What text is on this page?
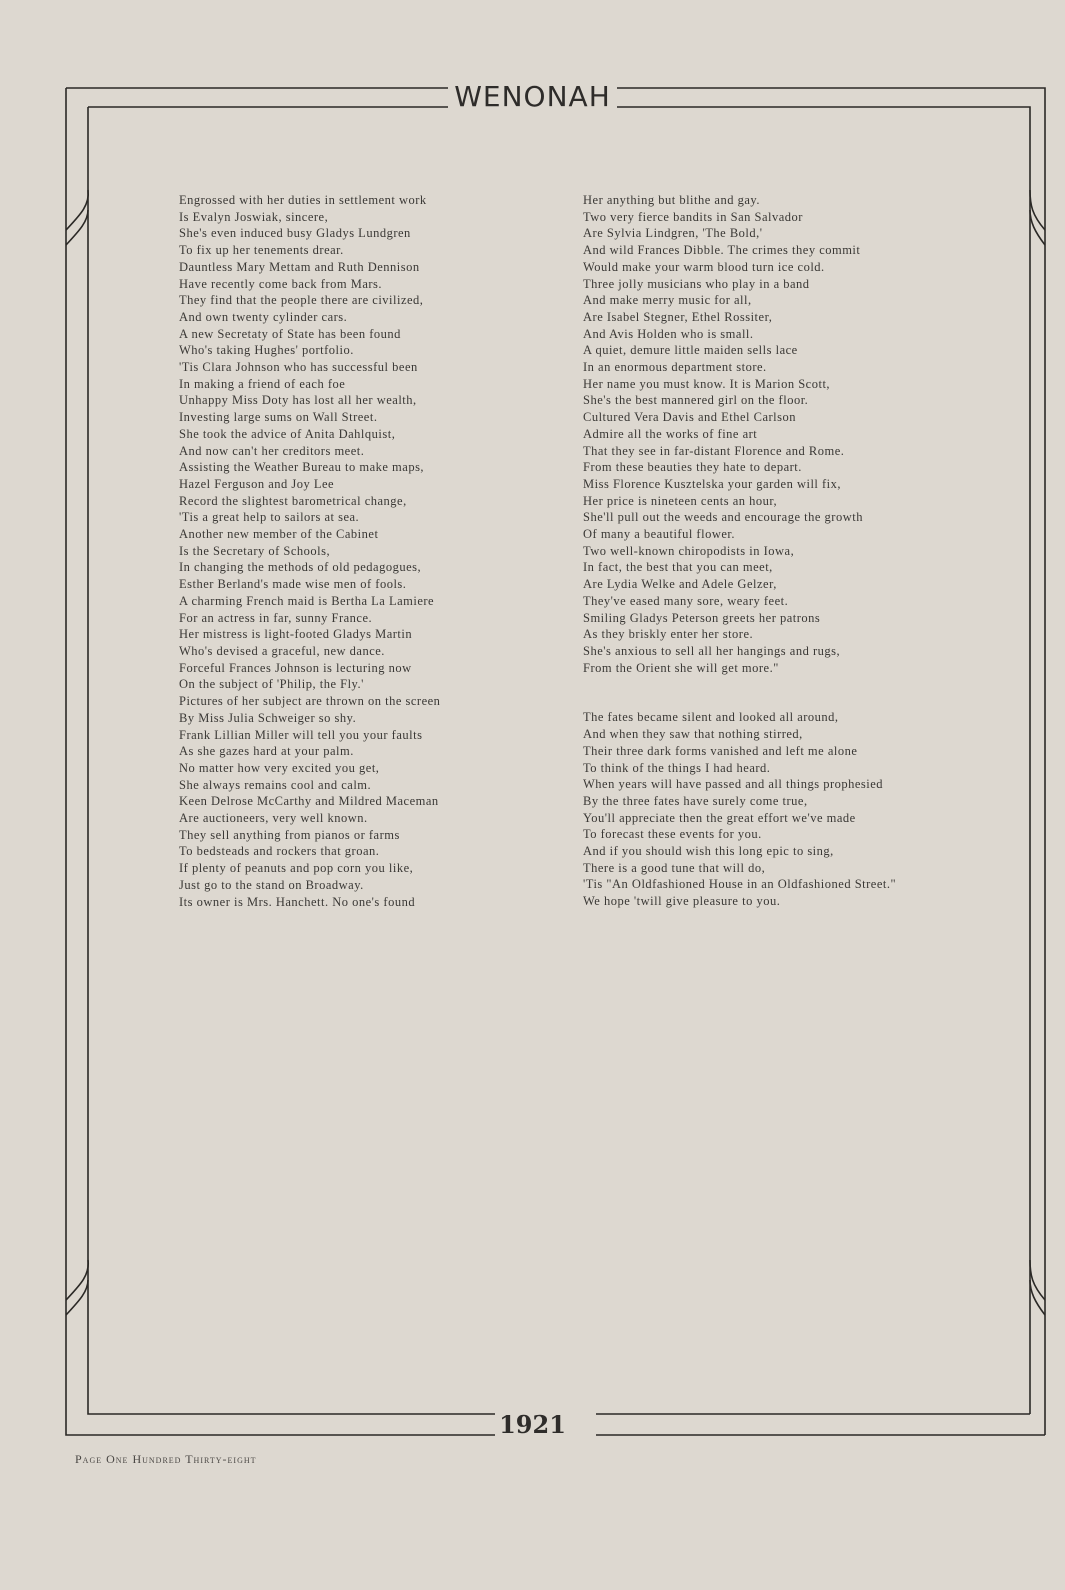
WENONAH
Engrossed with her duties in settlement work
Is Evalyn Joswiak, sincere,
She's even induced busy Gladys Lundgren
To fix up her tenements drear.
Dauntless Mary Mettam and Ruth Dennison
Have recently come back from Mars.
They find that the people there are civilized,
And own twenty cylinder cars.
A new Secretaty of State has been found
Who's taking Hughes' portfolio.
'Tis Clara Johnson who has successful been
In making a friend of each foe
Unhappy Miss Doty has lost all her wealth,
Investing large sums on Wall Street.
She took the advice of Anita Dahlquist,
And now can't her creditors meet.
Assisting the Weather Bureau to make maps,
Hazel Ferguson and Joy Lee
Record the slightest barometrical change,
'Tis a great help to sailors at sea.
Another new member of the Cabinet
Is the Secretary of Schools,
In changing the methods of old pedagogues,
Esther Berland's made wise men of fools.
A charming French maid is Bertha La Lamiere
For an actress in far, sunny France.
Her mistress is light-footed Gladys Martin
Who's devised a graceful, new dance.
Forceful Frances Johnson is lecturing now
On the subject of 'Philip, the Fly.'
Pictures of her subject are thrown on the screen
By Miss Julia Schweiger so shy.
Frank Lillian Miller will tell you your faults
As she gazes hard at your palm.
No matter how very excited you get,
She always remains cool and calm.
Keen Delrose McCarthy and Mildred Maceman
Are auctioneers, very well known.
They sell anything from pianos or farms
To bedsteads and rockers that groan.
If plenty of peanuts and pop corn you like,
Just go to the stand on Broadway.
Its owner is Mrs. Hanchett. No one's found
Her anything but blithe and gay.
Two very fierce bandits in San Salvador
Are Sylvia Lindgren, 'The Bold,'
And wild Frances Dibble. The crimes they commit
Would make your warm blood turn ice cold.
Three jolly musicians who play in a band
And make merry music for all,
Are Isabel Stegner, Ethel Rossiter,
And Avis Holden who is small.
A quiet, demure little maiden sells lace
In an enormous department store.
Her name you must know. It is Marion Scott,
She's the best mannered girl on the floor.
Cultured Vera Davis and Ethel Carlson
Admire all the works of fine art
That they see in far-distant Florence and Rome.
From these beauties they hate to depart.
Miss Florence Kusztelska your garden will fix,
Her price is nineteen cents an hour,
She'll pull out the weeds and encourage the growth
Of many a beautiful flower.
Two well-known chiropodists in Iowa,
In fact, the best that you can meet,
Are Lydia Welke and Adele Gelzer,
They've eased many sore, weary feet.
Smiling Gladys Peterson greets her patrons
As they briskly enter her store.
She's anxious to sell all her hangings and rugs,
From the Orient she will get more."
The fates became silent and looked all around,
And when they saw that nothing stirred,
Their three dark forms vanished and left me alone
To think of the things I had heard.
When years will have passed and all things prophesied
By the three fates have surely come true,
You'll appreciate then the great effort we've made
To forecast these events for you.
And if you should wish this long epic to sing,
There is a good tune that will do,
'Tis "An Oldfashioned House in an Oldfashioned Street."
We hope 'twill give pleasure to you.
1921
Page One Hundred Thirty-eight
